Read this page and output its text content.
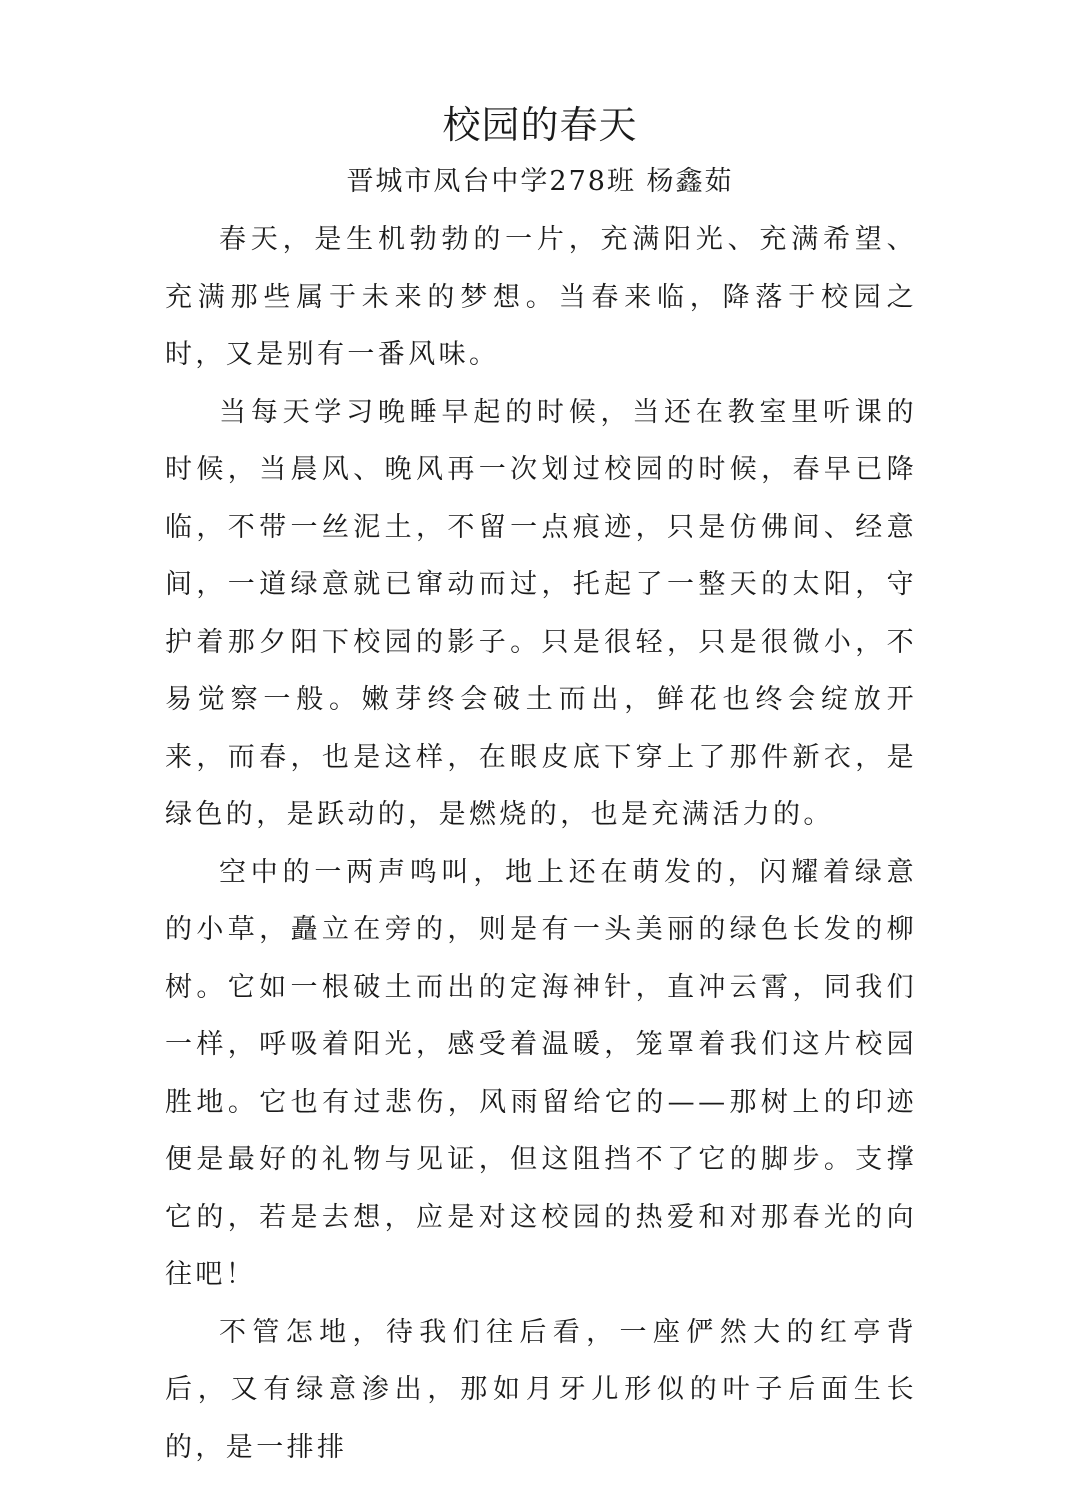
校园的春天
晋城市凤台中学278班 杨鑫茹

春天，是生机勃勃的一片，充满阳光、充满希望、充满那些属于未来的梦想。当春来临，降落于校园之时，又是别有一番风味。

当每天学习晚睡早起的时候，当还在教室里听课的时候，当晨风、晚风再一次划过校园的时候，春早已降临，不带一丝泥土，不留一点痕迹，只是仿佛间、经意间，一道绿意就已窜动而过，托起了一整天的太阳，守护着那夕阳下校园的影子。只是很轻，只是很微小，不易觉察一般。嫩芽终会破土而出，鲜花也终会绽放开来，而春，也是这样，在眼皮底下穿上了那件新衣，是绿色的，是跃动的，是燃烧的，也是充满活力的。

空中的一两声鸣叫，地上还在萌发的，闪耀着绿意的小草，矗立在旁的，则是有一头美丽的绿色长发的柳树。它如一根破土而出的定海神针，直冲云霄，同我们一样，呼吸着阳光，感受着温暖，笼罩着我们这片校园胜地。它也有过悲伤，风雨留给它的——那树上的印迹便是最好的礼物与见证，但这阻挡不了它的脚步。支撑它的，若是去想，应是对这校园的热爱和对那春光的向往吧！

不管怎地，待我们往后看，一座俨然大的红亭背后，又有绿意渗出，那如月牙儿形似的叶子后面生长的，是一排排
